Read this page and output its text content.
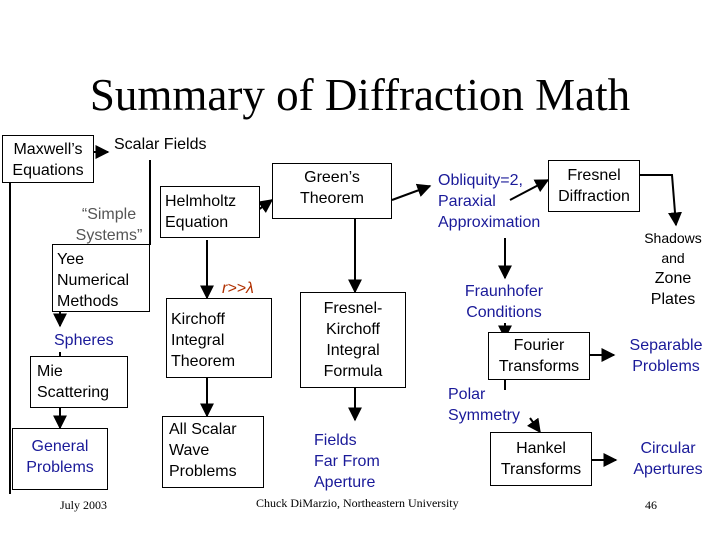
Summary of Diffraction Math
Maxwell’s
Equations
Scalar Fields
“Simple
Systems”
Helmholtz
Equation
Green’s
Theorem
Obliquity=2,
Paraxial
Approximation
Fresnel
Diffraction
Shadows
and
Zone
Plates
Yee
Numerical
Methods
r>>λ
Kirchoff
Integral
Theorem
Fresnel-
Kirchoff
Integral
Formula
Fraunhofer
Conditions
Spheres
Mie
Scattering
Fourier
Transforms
Separable
Problems
Polar
Symmetry
General
Problems
All Scalar
Wave
Problems
Fields
Far From
Aperture
Hankel
Transforms
Circular
Apertures
July 2003	Chuck DiMarzio, Northeastern University	46
